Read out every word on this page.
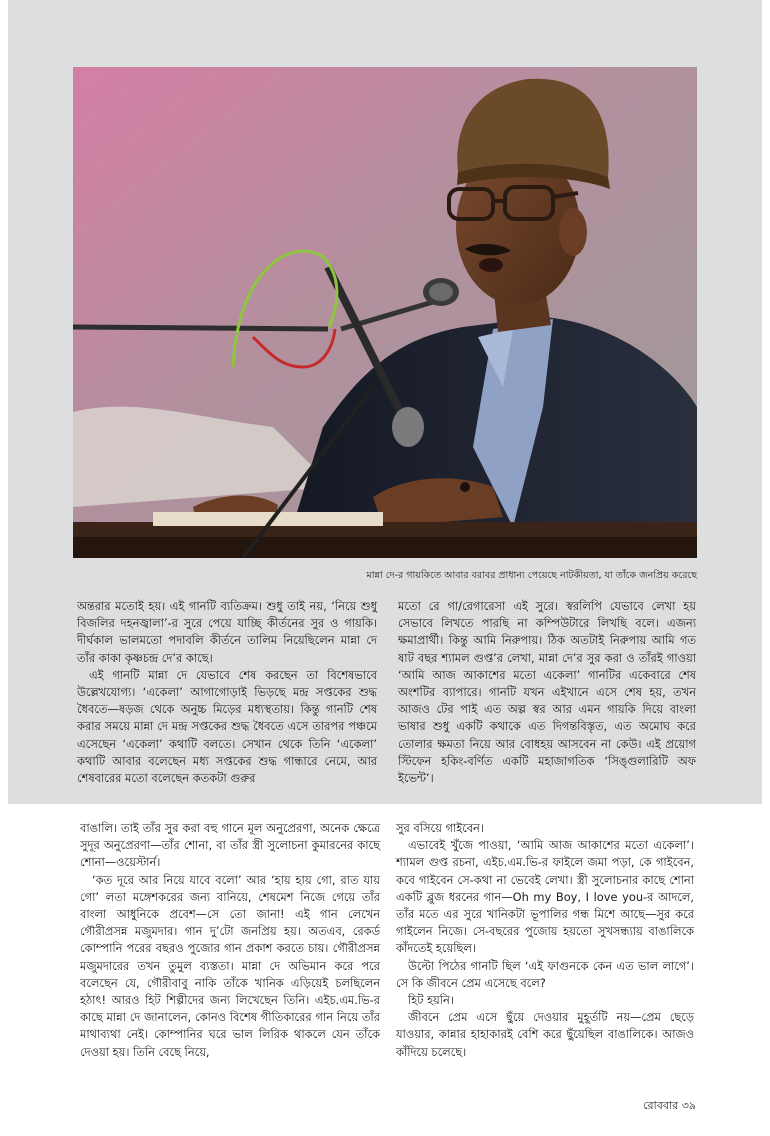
মান্না দে-র গায়কিতে আবার বরাবর প্রাধান্য পেয়েছে নাটকীয়তা, যা তাঁকে জনপ্রিয় করেছে

অন্তরার মতোই হয়। এই গানটি ব্যতিক্রম। শুধু তাই নয়, ‘নিয়ে শুধু বিজলির দহনজ্বালা’-র সুরে পেয়ে যাচ্ছি কীর্তনের সুর ও গায়কি। দীর্ঘকাল ভালমতো পদাবলি কীর্তনে তালিম নিয়েছিলেন মান্না দে তাঁর কাকা কৃষ্ণচন্দ্র দে’র কাছে।

এই গানটি মান্না দে যেভাবে শেষ করছেন তা বিশেষভাবে উল্লেখযোগ্য। ‘একেলা’ আগাগোড়াই ভিড়ছে মন্দ্র সপ্তকের শুদ্ধ ধৈবতে—ষড়জ থেকে অনুচ্চ মিড়ের মধ্যস্থতায়। কিন্তু গানটি শেষ করার সময়ে মান্না দে মন্দ্র সপ্তকের শুদ্ধ ধৈবতে এসে তারপর পঞ্চমে এসেছেন ‘একেলা’ কথাটি বলতে। সেখান থেকে তিনি ‘একেলা’ কথাটি আবার বলেছেন মধ্য সপ্তকের শুদ্ধ গান্ধারে নেমে, আর শেষবারের মতো বলেছেন কতকটা গুরুর

মতো রে গা/রেগারেসা এই সুরে। স্বরলিপি যেভাবে লেখা হয় সেভাবে লিখতে পারছি না কম্পিউটারে লিখছি বলে। এজন্য ক্ষমাপ্রার্থী। কিন্তু আমি নিরুপায়। ঠিক অতটাই নিরুপায় আমি গত ষাট বছর শ্যামল গুপ্ত’র লেখা, মান্না দে’র সুর করা ও তাঁরই গাওয়া ‘আমি আজ আকাশের মতো একেলা’ গানটির একেবারে শেষ অংশটির ব্যাপারে। গানটি যখন এইখানে এসে শেষ হয়, তখন আজও টের পাই এত অল্প স্বর আর এমন গায়কি দিয়ে বাংলা ভাষার শুধু একটি কথাকে এত দিগন্তবিস্তৃত, এত অমোঘ করে তোলার ক্ষমতা নিয়ে আর বোধহয় আসবেন না কেউ। এই প্রয়োগ স্টিফেন হকিং-বর্ণিত একটি মহাজাগতিক ‘সিঙ্গুলারিটি অফ ইভেন্ট’।

বাঙালি। তাই তাঁর সুর করা বহু গানে মূল অনুপ্রেরণা, অনেক ক্ষেত্রে সুদূর অনুপ্রেরণা—তাঁর শোনা, বা তাঁর স্ত্রী সুলোচনা কুমারনের কাছে শোনা—ওয়েস্টার্ন।

‘কত দূরে আর নিয়ে যাবে বলো’ আর ‘হায় হায় গো, রাত যায় গো’ লতা মঙ্গেশকরের জন্য বানিয়ে, শেষমেশ নিজে গেয়ে তাঁর বাংলা আধুনিকে প্রবেশ—সে তো জানা! এই গান লেখেন গৌরীপ্রসন্ন মজুমদার। গান দু’টো জনপ্রিয় হয়। অতএব, রেকর্ড কোম্পানি পরের বছরও পুজোর গান প্রকাশ করতে চায়। গৌরীপ্রসন্ন মজুমদারের তখন তুমুল ব্যস্ততা। মান্না দে অভিমান করে পরে বলেছেন যে, গৌরীবাবু নাকি তাঁকে খানিক এড়িয়েই চলছিলেন হঠাৎ! আরও হিট শিল্পীদের জন্য লিখেছেন তিনি। এইচ.এম.ভি-র কাছে মান্না দে জানালেন, কোনও বিশেষ গীতিকারের গান নিয়ে তাঁর মাথাব্যথা নেই। কোম্পানির ঘরে ভাল লিরিক থাকলে যেন তাঁকে দেওয়া হয়। তিনি বেছে নিয়ে,

সুর বসিয়ে গাইবেন।

এভাবেই খুঁজে পাওয়া, ‘আমি আজ আকাশের মতো একেলা’। শ্যামল গুপ্ত রচনা, এইচ.এম.ভি-র ফাইলে জমা পড়া, কে গাইবেন, কবে গাইবেন সে-কথা না ভেবেই লেখা। স্ত্রী সুলোচনার কাছে শোনা একটি ব্লুজ ধরনের গান—Oh my Boy, I love you-র আদলে, তাঁর মতে এর সুরে খানিকটা ভূপালির গন্ধ মিশে আছে—সুর করে গাইলেন নিজে। সে-বছরের পুজোয় হয়তো সুখসন্ধ্যায় বাঙালিকে কাঁদতেই হয়েছিল।

উল্টো পিঠের গানটি ছিল ‘এই ফাগুনকে কেন এত ভাল লাগে’। সে কি জীবনে প্রেম এসেছে বলে?

হিট হয়নি।

জীবনে প্রেম এসে ছুঁয়ে দেওয়ার মুহূর্তটি নয়—প্রেম ছেড়ে যাওয়ার, কান্নার হাহাকারই বেশি করে ছুঁয়েছিল বাঙালিকে। আজও কাঁদিয়ে চলেছে।

রোববার ৩৯
